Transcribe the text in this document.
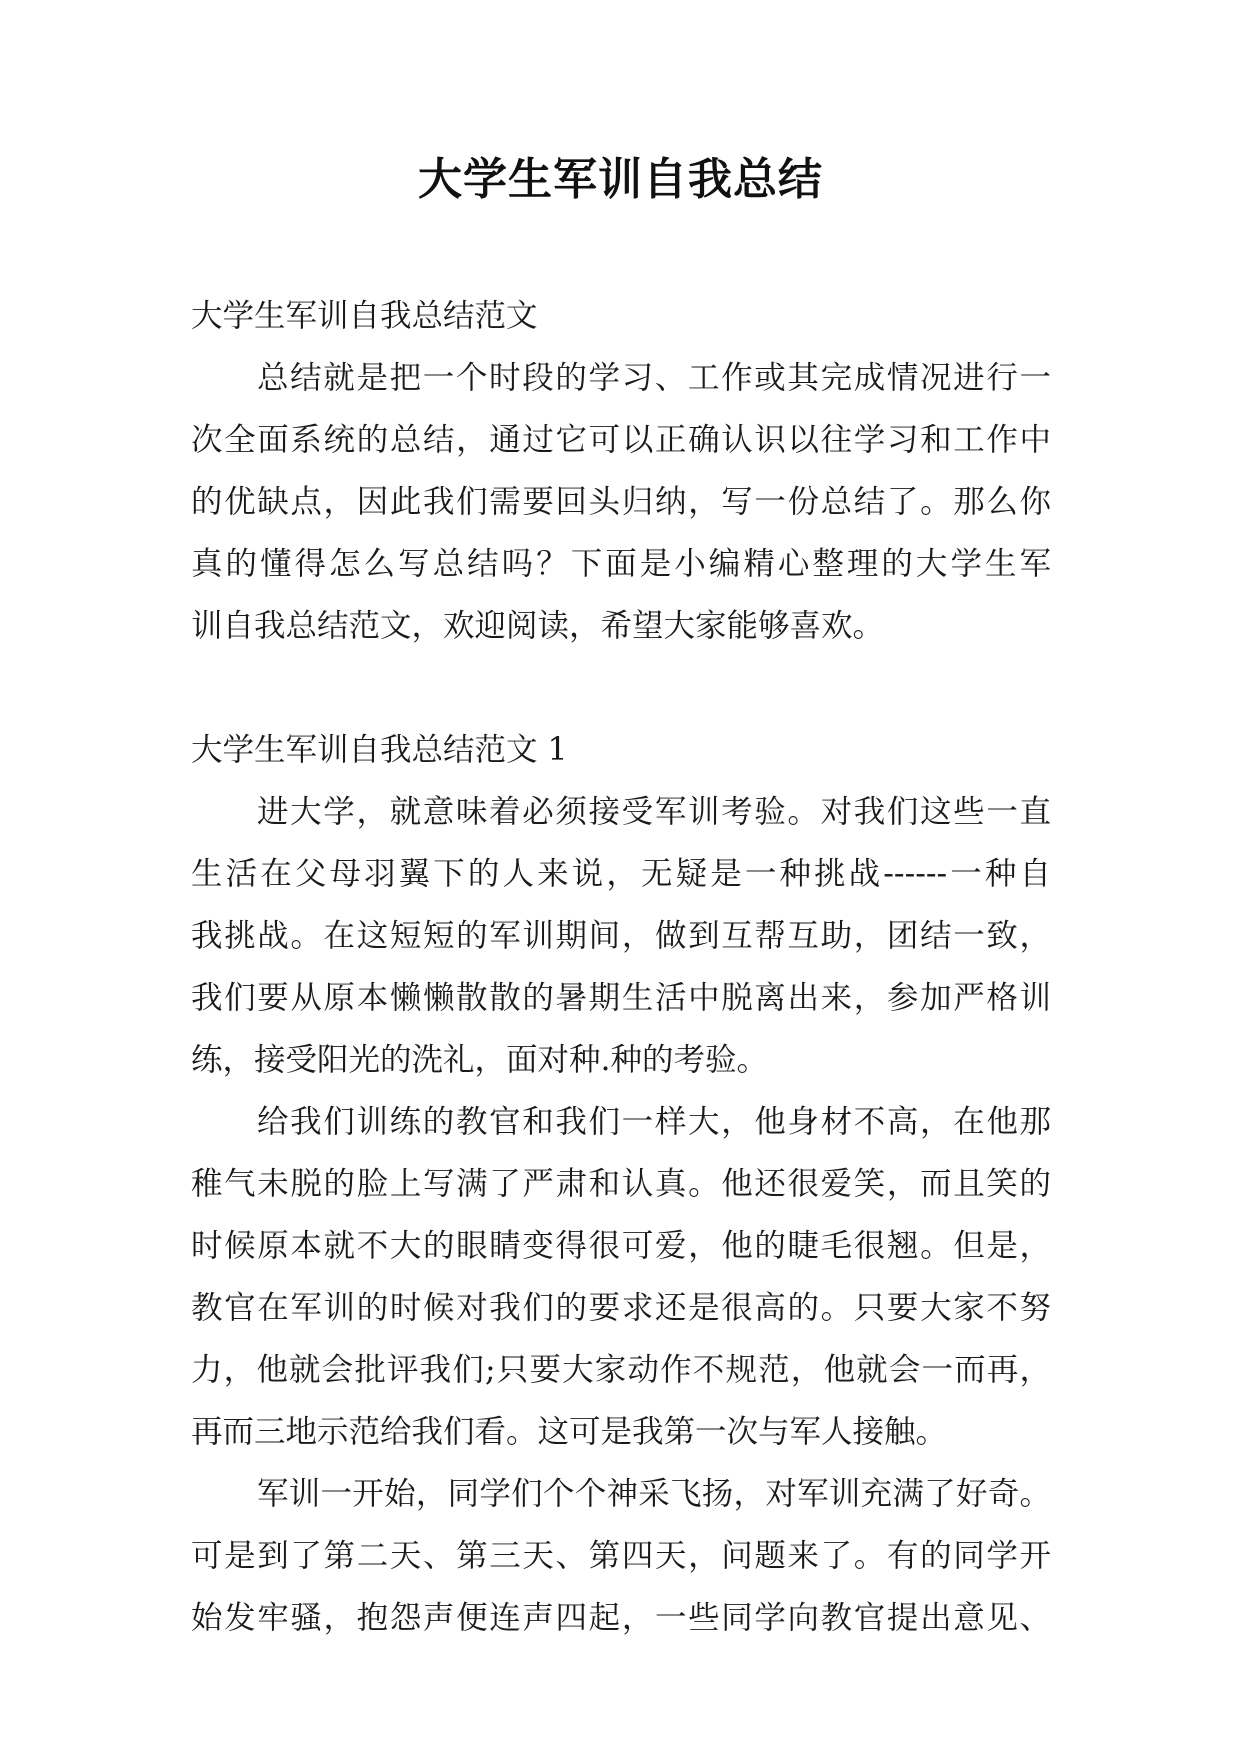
大学生军训自我总结
大学生军训自我总结范文
总结就是把一个时段的学习、工作或其完成情况进行一
次全面系统的总结，通过它可以正确认识以往学习和工作中
的优缺点，因此我们需要回头归纳，写一份总结了。那么你
真的懂得怎么写总结吗？下面是小编精心整理的大学生军
训自我总结范文，欢迎阅读，希望大家能够喜欢。
大学生军训自我总结范文 1
进大学，就意味着必须接受军训考验。对我们这些一直
生活在父母羽翼下的人来说，无疑是一种挑战------一种自
我挑战。在这短短的军训期间，做到互帮互助，团结一致，
我们要从原本懒懒散散的暑期生活中脱离出来，参加严格训
练，接受阳光的洗礼，面对种.种的考验。
给我们训练的教官和我们一样大，他身材不高，在他那
稚气未脱的脸上写满了严肃和认真。他还很爱笑，而且笑的
时候原本就不大的眼睛变得很可爱，他的睫毛很翘。但是，
教官在军训的时候对我们的要求还是很高的。只要大家不努
力，他就会批评我们;只要大家动作不规范，他就会一而再，
再而三地示范给我们看。这可是我第一次与军人接触。
军训一开始，同学们个个神采飞扬，对军训充满了好奇。
可是到了第二天、第三天、第四天，问题来了。有的同学开
始发牢骚，抱怨声便连声四起，一些同学向教官提出意见、
